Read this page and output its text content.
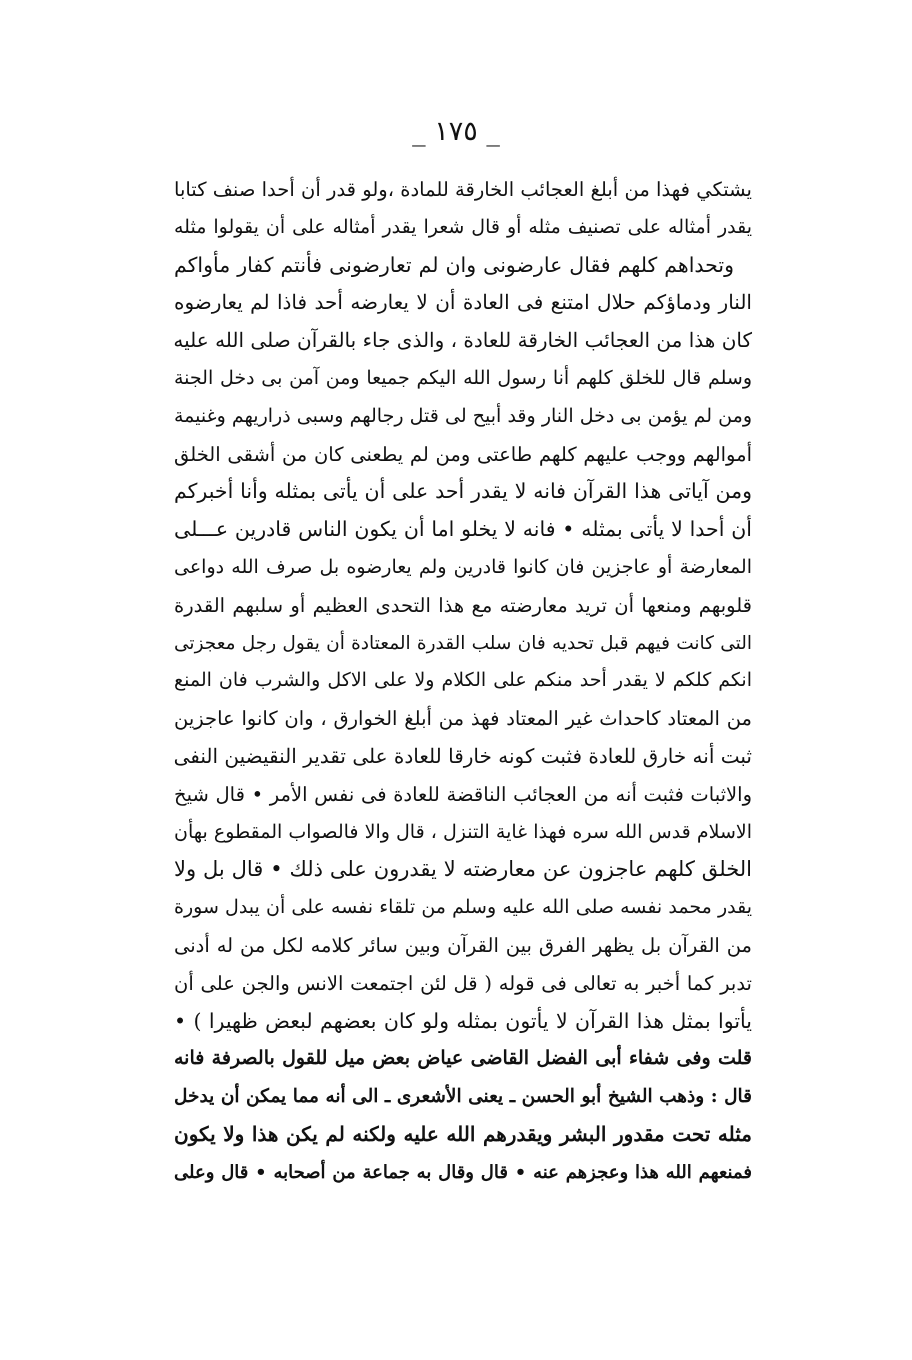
_ ١٧٥ _
يشتكي فهذا من أبلغ العجائب الخارقة للمادة ،ولو قدر أن أحدا صنف كتابا
يقدر أمثاله على تصنيف مثله أو قال شعرا يقدر أمثاله على أن يقولوا مثله
وتحداهم كلهم فقال عارضونى وان لم تعارضونى فأنتم كفار مأواكم
النار ودماؤكم حلال امتنع فى العادة أن لا يعارضه أحد فاذا لم يعارضوه
كان هذا من العجائب الخارقة للعادة ، والذى جاء بالقرآن صلى الله عليه
وسلم قال للخلق كلهم أنا رسول الله اليكم جميعا ومن آمن بى دخل الجنة
ومن لم يؤمن بى دخل النار وقد أبيح لى قتل رجالهم وسبى ذراريهم وغنيمة
أموالهم ووجب عليهم كلهم طاعتى ومن لم يطعنى كان من أشقى الخلق
ومن آياتى هذا القرآن فانه لا يقدر أحد على أن يأتى بمثله وأنا أخبركم
أن أحدا لا يأتى بمثله • فانه لا يخلو اما أن يكون الناس قادرين عـــلى
المعارضة أو عاجزين فان كانوا قادرين ولم يعارضوه بل صرف الله دواعى
قلوبهم ومنعها أن تريد معارضته مع هذا التحدى العظيم أو سلبهم القدرة
التى كانت فيهم قبل تحديه فان سلب القدرة المعتادة أن يقول رجل معجزتى
انكم كلكم لا يقدر أحد منكم على الكلام ولا على الاكل والشرب فان المنع
من المعتاد كاحداث غير المعتاد فهذ من أبلغ الخوارق ، وان كانوا عاجزين
ثبت أنه خارق للعادة فثبت كونه خارقا للعادة على تقدير النقيضين النفى
والاثبات فثبت أنه من العجائب الناقضة للعادة فى نفس الأمر • قال شيخ
الاسلام قدس الله سره فهذا غاية التنزل ، قال والا فالصواب المقطوع بهأن
الخلق كلهم عاجزون عن معارضته لا يقدرون على ذلك • قال بل ولا
يقدر محمد نفسه صلى الله عليه وسلم من تلقاء نفسه على أن يبدل سورة
من القرآن بل يظهر الفرق بين القرآن وبين سائر كلامه لكل من له أدنى
تدبر كما أخبر به تعالى فى قوله ( قل لئن اجتمعت الانس والجن على أن
يأتوا بمثل هذا القرآن لا يأتون بمثله ولو كان بعضهم لبعض ظهيرا ) •
قلت وفى شفاء أبى الفضل القاضى عياض بعض ميل للقول بالصرفة فانه
قال : وذهب الشيخ أبو الحسن ـ يعنى الأشعرى ـ الى أنه مما يمكن أن يدخل
مثله تحت مقدور البشر ويقدرهم الله عليه ولكنه لم يكن هذا ولا يكون
فمنعهم الله هذا وعجزهم عنه • قال وقال به جماعة من أصحابه • قال وعلى
